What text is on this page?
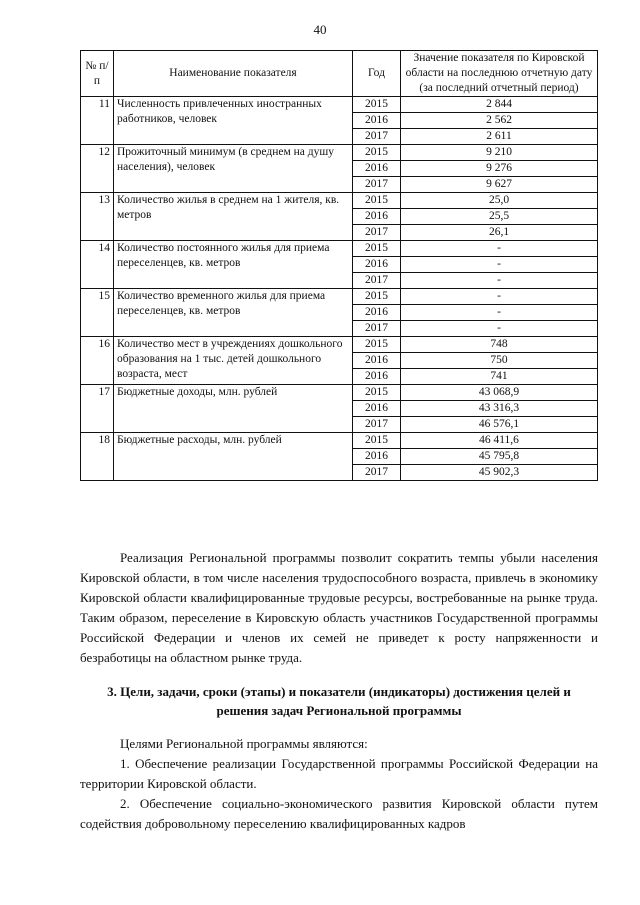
40
№ п/п	Наименование показателя	Год	Значение показателя по Кировской области на последнюю отчетную дату (за последний отчетный период)
11	Численность привлеченных иностранных работников, человек	2015	2 844
		2016	2 562
		2017	2 611
12	Прожиточный минимум (в среднем на душу населения), человек	2015	9 210
		2016	9 276
		2017	9 627
13	Количество жилья в среднем на 1 жителя, кв. метров	2015	25,0
		2016	25,5
		2017	26,1
14	Количество постоянного жилья для приема переселенцев, кв. метров	2015	-
		2016	-
		2017	-
15	Количество временного жилья для приема переселенцев, кв. метров	2015	-
		2016	-
		2017	-
16	Количество мест в учреждениях дошкольного образования на 1 тыс. детей дошкольного возраста, мест	2015	748
		2016	750
		2016	741
17	Бюджетные доходы, млн. рублей	2015	43 068,9
		2016	43 316,3
		2017	46 576,1
18	Бюджетные расходы, млн. рублей	2015	46 411,6
		2016	45 795,8
		2017	45 902,3

Реализация Региональной программы позволит сократить темпы убыли населения Кировской области, в том числе населения трудоспособного возраста, привлечь в экономику Кировской области квалифицированные трудовые ресурсы, востребованные на рынке труда. Таким образом, переселение в Кировскую область участников Государственной программы Российской Федерации и членов их семей не приведет к росту напряженности и безработицы на областном рынке труда.

3. Цели, задачи, сроки (этапы) и показатели (индикаторы) достижения целей и решения задач Региональной программы

Целями Региональной программы являются:

1. Обеспечение реализации Государственной программы Российской Федерации на территории Кировской области.

2. Обеспечение социально-экономического развития Кировской области путем содействия добровольному переселению квалифицированных кадров
